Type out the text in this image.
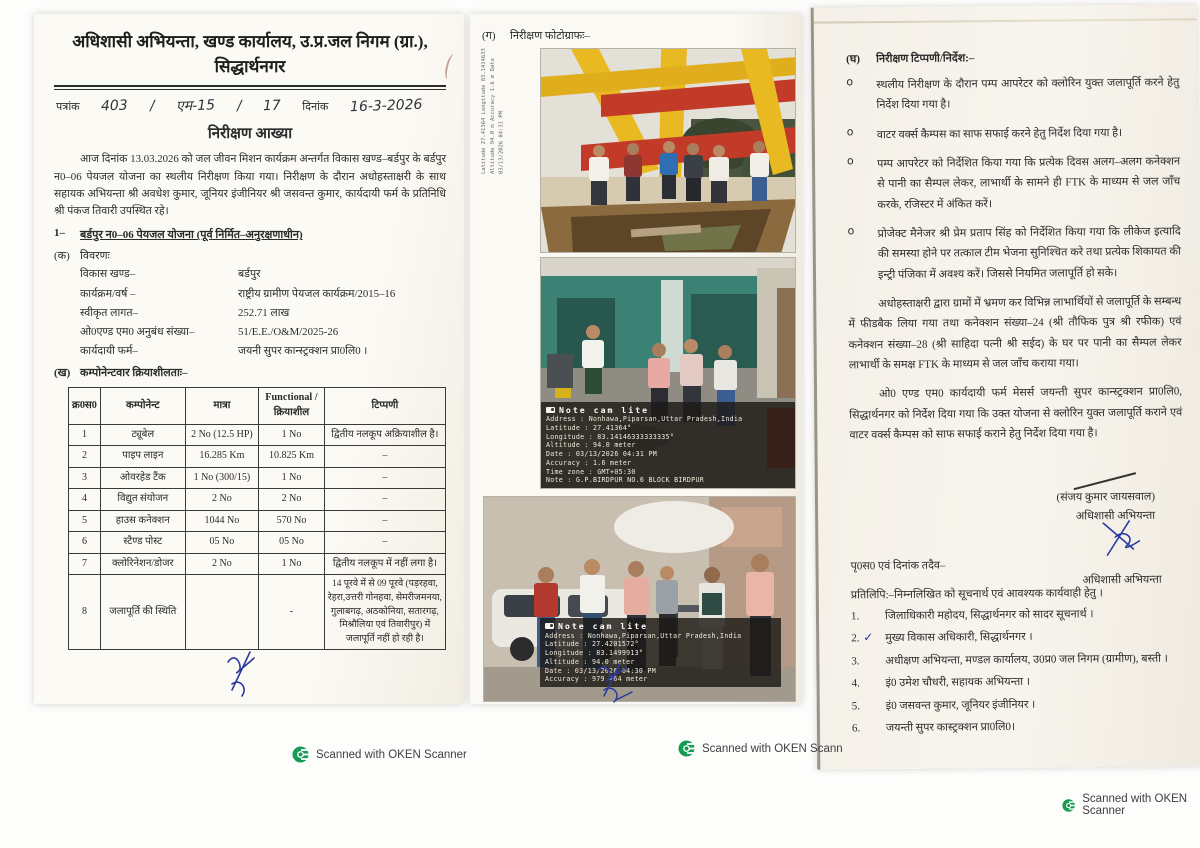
अधिशासी अभियन्ता, खण्ड कार्यालय, उ.प्र.जल निगम (ग्रा.),
सिद्धार्थनगर
पत्रांक 403 / एम-15 / 17 दिनांक 16-3-2026
निरीक्षण आख्या

आज दिनांक 13.03.2026 को जल जीवन मिशन कार्यक्रम अन्तर्गत विकास खण्ड–बर्डपुर के बर्डपुर न0–06 पेयजल योजना का स्थलीय निरीक्षण किया गया। निरीक्षण के दौरान अधोहस्ताक्षरी के साथ सहायक अभियन्ता श्री अवधेश कुमार, जूनियर इंजीनियर श्री जसवन्त कुमार, कार्यदायी फर्म के प्रतिनिधि श्री पंकज तिवारी उपस्थित रहे।

1–	बर्डपुर न0–06 पेयजल योजना (पूर्व निर्मित–अनुरक्षणाधीन)
(क) विवरणः
विकास खण्ड–	बर्डपुर
कार्यक्रम/वर्ष –	राष्ट्रीय ग्रामीण पेयजल कार्यक्रम/2015–16
स्वीकृत लागत–	252.71 लाख
ओ0एण्ड एम0 अनुबंध संख्या–	51/E.E./O&M/2025-26
कार्यदायी फर्म–	जयनी सुपर कान्स्ट्रक्शन प्रा0लि0 ।
(ख) कम्पोनेन्टवार क्रियाशीलताः–
क्र0स0	कम्पोनेन्ट	मात्रा	Functional / क्रियाशील	टिप्पणी
1	ट्यूबेल	2 No (12.5 HP)	1 No	द्वितीय नलकूप अक्रियाशील है।
2	पाइप लाइन	16.285 Km	10.825 Km	–
3	ओवरहेड टैंक	1 No (300/15)	1 No	–
4	विद्युत संयोजन	2 No	2 No	–
5	हाउस कनेक्शन	1044 No	570 No	–
6	स्टैण्ड पोस्ट	05 No	05 No	–
7	क्लोरिनेशन/डोजर	2 No	1 No	द्वितीय नलकूप में नहीं लगा है।
8	जलापूर्ति की स्थिति		-	14 पूरवे में से 09 पूरवे (पड़रहवा, रेहरा,उत्तरी गोनहवा, सेमरीजमनया, गुलाबगढ़, अठकोनिया, सतारगढ़, मिश्रौलिया एवं तिवारीपुर) में जलापूर्ति नहीं हो रही है।
(ग)	निरीक्षण फोटोग्राफः–
Latitude 27.41364 Longitude 83.1414633 Altitude 94.0 m Accuracy 1.6 m Date 03/13/2026 04:31 PM
Note cam lite
Address : Nonhawa,Piparsan,Uttar Pradesh,India
Latitude : 27.41364°
Longitude : 83.14146333333335°
Altitude : 94.0 meter
Date : 03/13/2026 04:31 PM
Accuracy : 1.6 meter
Time zone : GMT+05:30
Note : G.P.BIRDPUR NO.6 BLOCK BIRDPUR
Note cam lite
Address : Nonhawa,Piparsan,Uttar Pradesh,India
Latitude : 27.4201572°
Longitude : 83.1499913°
Altitude : 94.0 meter
Date : 03/13/2026 04:30 PM
Accuracy : 979.464 meter
(घ)	निरीक्षण टिप्पणी/निर्देश:–
o	स्थलीय निरीक्षण के दौरान पम्प आपरेटर को क्लोरिन युक्त जलापूर्ति करने हेतु निर्देश दिया गया है।
o	वाटर वर्क्स कैम्पस का साफ सफाई करने हेतु निर्देश दिया गया है।
o	पम्प आपरेटर को निर्देशित किया गया कि प्रत्येक दिवस अलग–अलग कनेक्शन से पानी का सैम्पल लेकर, लाभार्थी के सामने ही FTK के माध्यम से जल जाँच करके, रजिस्टर में अंकित करें।
o	प्रोजेक्ट मैनेजर श्री प्रेम प्रताप सिंह को निर्देशित किया गया कि लीकेज इत्यादि की समस्या होने पर तत्काल टीम भेजना सुनिश्चित करे तथा प्रत्येक शिकायत की इन्ट्री पंजिका में अवश्य करें। जिससे नियमित जलापूर्ति हो सके।

अधोहस्ताक्षरी द्वारा ग्रामों में भ्रमण कर विभिन्न लाभार्थियों से जलापूर्ति के सम्बन्ध में फीडबैक लिया गया तथा कनेक्शन संख्या–24 (श्री तौफिक पुत्र श्री रफीक) एवं कनेक्शन संख्या–28 (श्री साहिदा पत्नी श्री सईद) के घर पर पानी का सैम्पल लेकर लाभार्थी के समक्ष FTK के माध्यम से जल जाँच कराया गया।

ओ0 एण्ड एम0 कार्यदायी फर्म मेसर्स जयन्ती सुपर कान्स्ट्रक्शन प्रा0लि0, सिद्धार्थनगर को निर्देश दिया गया कि उक्त योजना से क्लोरिन युक्त जलापूर्ति कराने एवं वाटर वर्क्स कैम्पस को साफ सफाई कराने हेतु निर्देश दिया गया है।

(संजय कुमार जायसवाल)
अधिशासी अभियन्ता
पृ0स0 एवं दिनांक तदैव–
प्रतिलिपि:–निम्नलिखित को सूचनार्थ एवं आवश्यक कार्यवाही हेतु ।
1.	जिलाधिकारी महोदय, सिद्धार्थनगर को सादर सूचनार्थ ।
2. ✓ मुख्य विकास अधिकारी, सिद्धार्थनगर ।
3.	अधीक्षण अभियन्ता, मण्डल कार्यालय, उ0प्र0 जल निगम (ग्रामीण), बस्ती ।
4.	इं0 उमेश चौधरी, सहायक अभियन्ता ।
5.	इं0 जसवन्त कुमार, जूनियर इंजीनियर ।
6.	जयन्ती सुपर कास्ट्रक्शन प्रा0लि0।
अधिशासी अभियन्ता
Scanned with OKEN Scanner	Scanned with OKEN Scann
Scanned with OKEN Scanner
